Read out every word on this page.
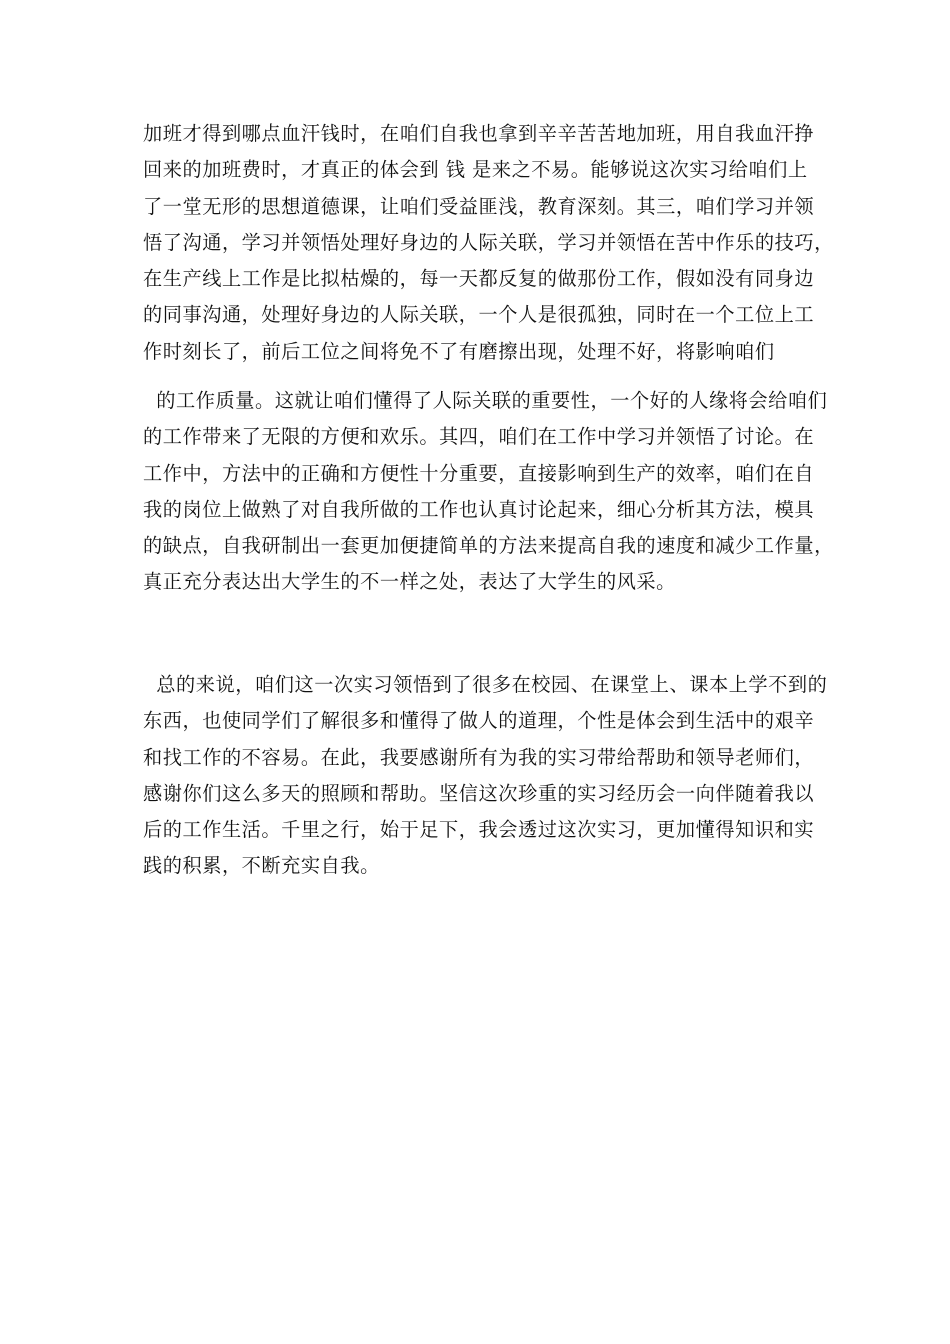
加班才得到哪点血汗钱时，在咱们自我也拿到辛辛苦苦地加班，用自我血汗挣
回来的加班费时，才真正的体会到 钱 是来之不易。能够说这次实习给咱们上
了一堂无形的思想道德课，让咱们受益匪浅，教育深刻。其三，咱们学习并领
悟了沟通，学习并领悟处理好身边的人际关联，学习并领悟在苦中作乐的技巧，
在生产线上工作是比拟枯燥的，每一天都反复的做那份工作，假如没有同身边
的同事沟通，处理好身边的人际关联，一个人是很孤独，同时在一个工位上工
作时刻长了，前后工位之间将免不了有磨擦出现，处理不好，将影响咱们

的工作质量。这就让咱们懂得了人际关联的重要性，一个好的人缘将会给咱们
的工作带来了无限的方便和欢乐。其四，咱们在工作中学习并领悟了讨论。在
工作中，方法中的正确和方便性十分重要，直接影响到生产的效率，咱们在自
我的岗位上做熟了对自我所做的工作也认真讨论起来，细心分析其方法，模具
的缺点，自我研制出一套更加便捷简单的方法来提高自我的速度和减少工作量，
真正充分表达出大学生的不一样之处，表达了大学生的风采。

总的来说，咱们这一次实习领悟到了很多在校园、在课堂上、课本上学不到的
东西，也使同学们了解很多和懂得了做人的道理，个性是体会到生活中的艰辛
和找工作的不容易。在此，我要感谢所有为我的实习带给帮助和领导老师们，
感谢你们这么多天的照顾和帮助。坚信这次珍重的实习经历会一向伴随着我以
后的工作生活。千里之行，始于足下，我会透过这次实习，更加懂得知识和实
践的积累，不断充实自我。
